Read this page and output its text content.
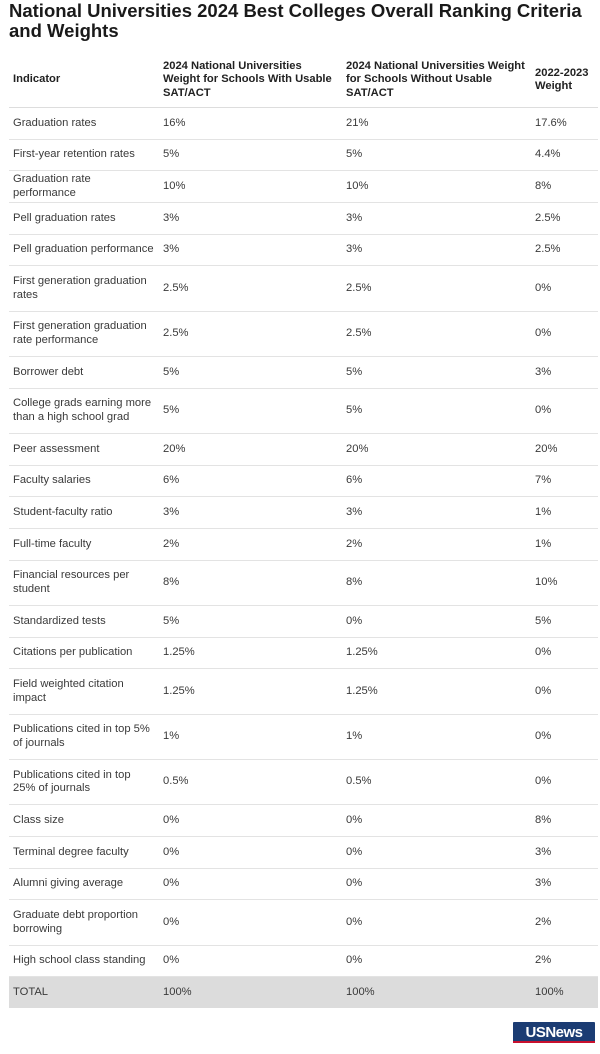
National Universities 2024 Best Colleges Overall Ranking Criteria and Weights
Indicator	2024 National Universities Weight for Schools With Usable SAT/ACT	2024 National Universities Weight for Schools Without Usable SAT/ACT	2022-2023 Weight
Graduation rates	16%	21%	17.6%
First-year retention rates	5%	5%	4.4%
Graduation rate performance	10%	10%	8%
Pell graduation rates	3%	3%	2.5%
Pell graduation performance	3%	3%	2.5%
First generation graduation rates	2.5%	2.5%	0%
First generation graduation rate performance	2.5%	2.5%	0%
Borrower debt	5%	5%	3%
College grads earning more than a high school grad	5%	5%	0%
Peer assessment	20%	20%	20%
Faculty salaries	6%	6%	7%
Student-faculty ratio	3%	3%	1%
Full-time faculty	2%	2%	1%
Financial resources per student	8%	8%	10%
Standardized tests	5%	0%	5%
Citations per publication	1.25%	1.25%	0%
Field weighted citation impact	1.25%	1.25%	0%
Publications cited in top 5% of journals	1%	1%	0%
Publications cited in top 25% of journals	0.5%	0.5%	0%
Class size	0%	0%	8%
Terminal degree faculty	0%	0%	3%
Alumni giving average	0%	0%	3%
Graduate debt proportion borrowing	0%	0%	2%
High school class standing	0%	0%	2%
TOTAL	100%	100%	100%
USNews
